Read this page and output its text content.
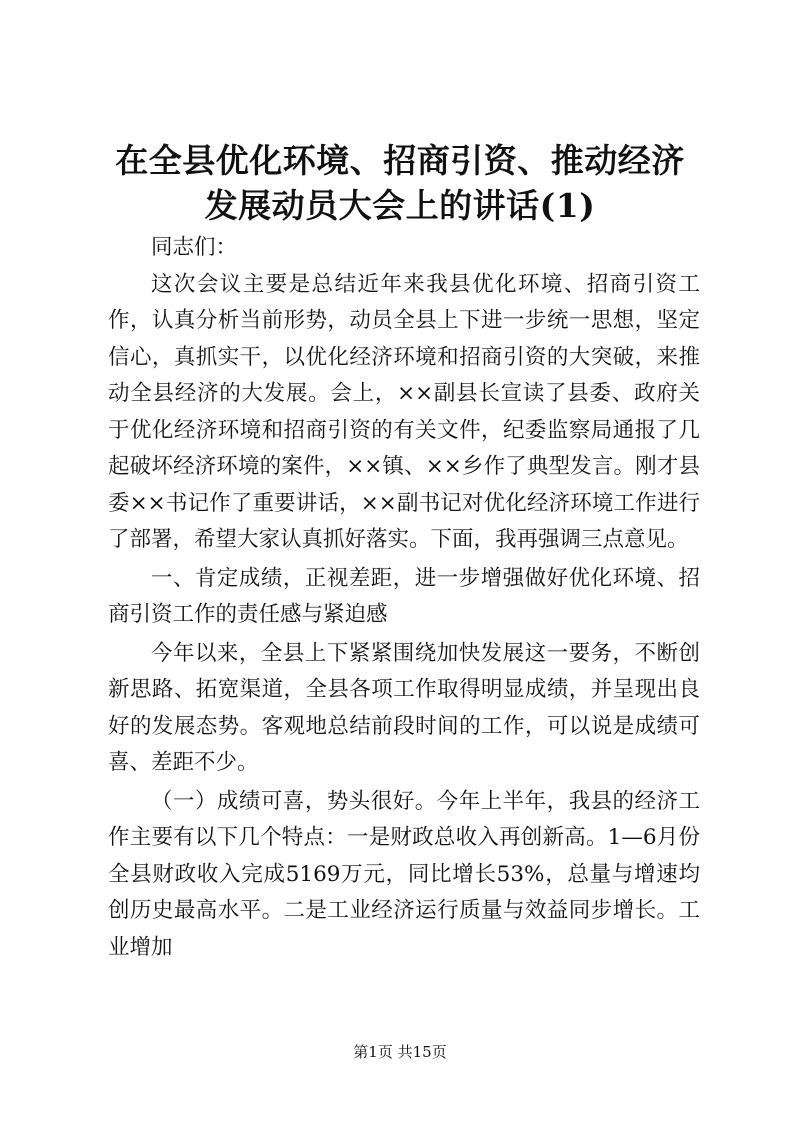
在全县优化环境、招商引资、推动经济发展动员大会上的讲话(1)

同志们：

这次会议主要是总结近年来我县优化环境、招商引资工作，认真分析当前形势，动员全县上下进一步统一思想，坚定信心，真抓实干，以优化经济环境和招商引资的大突破，来推动全县经济的大发展。会上，××副县长宣读了县委、政府关于优化经济环境和招商引资的有关文件，纪委监察局通报了几起破坏经济环境的案件，××镇、××乡作了典型发言。刚才县委××书记作了重要讲话，××副书记对优化经济环境工作进行了部署，希望大家认真抓好落实。下面，我再强调三点意见。

一、肯定成绩，正视差距，进一步增强做好优化环境、招商引资工作的责任感与紧迫感

今年以来，全县上下紧紧围绕加快发展这一要务，不断创新思路、拓宽渠道，全县各项工作取得明显成绩，并呈现出良好的发展态势。客观地总结前段时间的工作，可以说是成绩可喜、差距不少。

（一）成绩可喜，势头很好。今年上半年，我县的经济工作主要有以下几个特点：一是财政总收入再创新高。1—6月份全县财政收入完成5169万元，同比增长53%，总量与增速均创历史最高水平。二是工业经济运行质量与效益同步增长。工业增加

第1页 共15页
